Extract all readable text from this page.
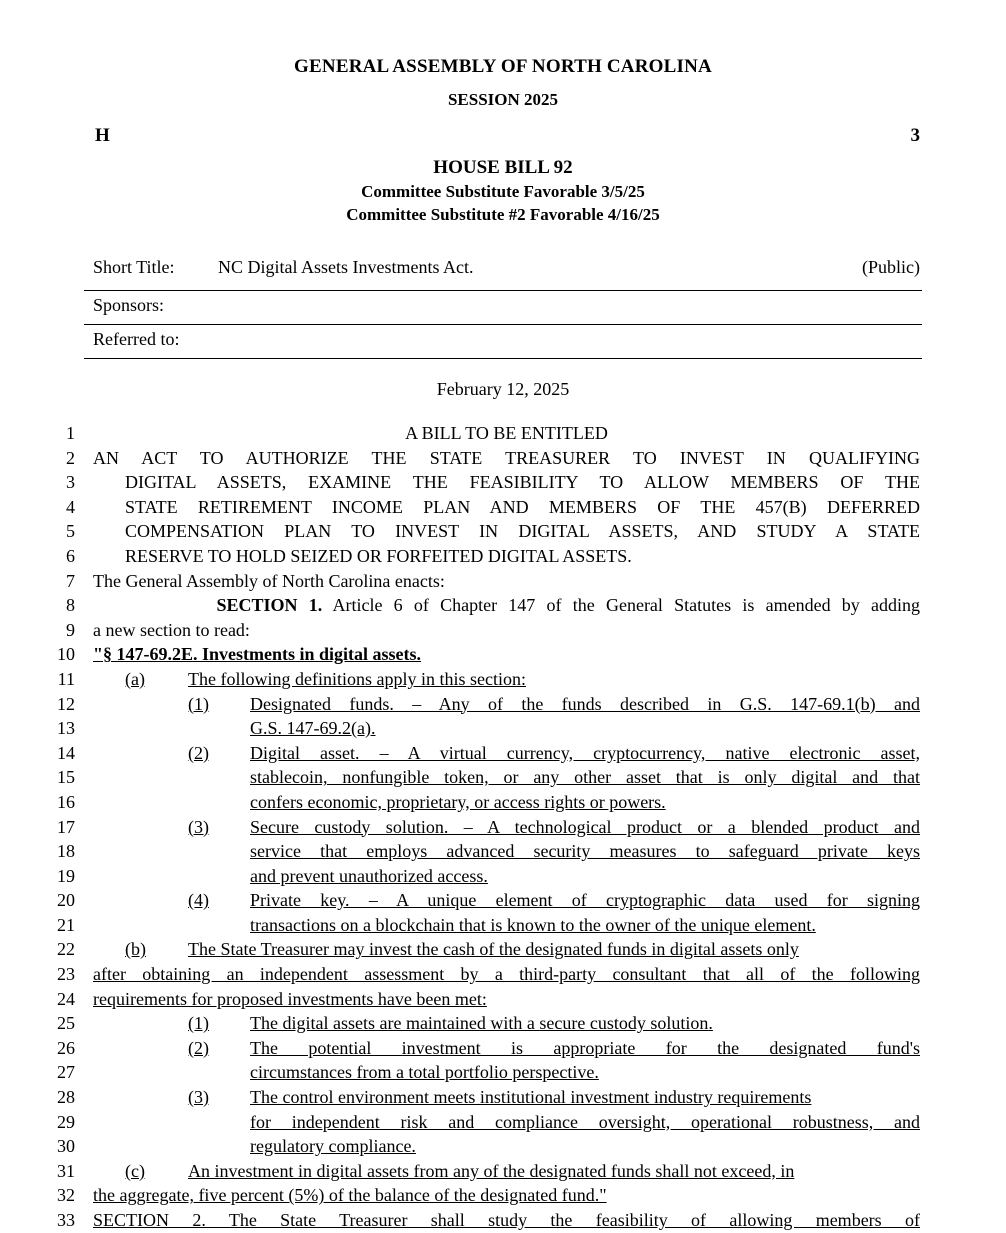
GENERAL ASSEMBLY OF NORTH CAROLINA
SESSION 2025
H	3
HOUSE BILL 92
Committee Substitute Favorable 3/5/25
Committee Substitute #2 Favorable 4/16/25
Short Title: NC Digital Assets Investments Act.	(Public)
Sponsors:
Referred to:
February 12, 2025
1	A BILL TO BE ENTITLED
2 AN ACT TO AUTHORIZE THE STATE TREASURER TO INVEST IN QUALIFYING
3	DIGITAL ASSETS, EXAMINE THE FEASIBILITY TO ALLOW MEMBERS OF THE
4	STATE RETIREMENT INCOME PLAN AND MEMBERS OF THE 457(B) DEFERRED
5	COMPENSATION PLAN TO INVEST IN DIGITAL ASSETS, AND STUDY A STATE
6	RESERVE TO HOLD SEIZED OR FORFEITED DIGITAL ASSETS.
7 The General Assembly of North Carolina enacts:
8	SECTION 1. Article 6 of Chapter 147 of the General Statutes is amended by adding
9 a new section to read:
10 "§ 147-69.2E. Investments in digital assets.
11	(a) The following definitions apply in this section:
12	(1) Designated funds. – Any of the funds described in G.S. 147-69.1(b) and
13	G.S. 147-69.2(a).
14	(2) Digital asset. – A virtual currency, cryptocurrency, native electronic asset,
15	stablecoin, nonfungible token, or any other asset that is only digital and that
16	confers economic, proprietary, or access rights or powers.
17	(3) Secure custody solution. – A technological product or a blended product and
18	service that employs advanced security measures to safeguard private keys
19	and prevent unauthorized access.
20	(4) Private key. – A unique element of cryptographic data used for signing
21	transactions on a blockchain that is known to the owner of the unique element.
22	(b) The State Treasurer may invest the cash of the designated funds in digital assets only
23 after obtaining an independent assessment by a third-party consultant that all of the following
24 requirements for proposed investments have been met:
25	(1) The digital assets are maintained with a secure custody solution.
26	(2) The potential investment is appropriate for the designated fund's
27	circumstances from a total portfolio perspective.
28	(3) The control environment meets institutional investment industry requirements
29	for independent risk and compliance oversight, operational robustness, and
30	regulatory compliance.
31	(c) An investment in digital assets from any of the designated funds shall not exceed, in
32 the aggregate, five percent (5%) of the balance of the designated fund."
33 SECTION 2. The State Treasurer shall study the feasibility of allowing members of
